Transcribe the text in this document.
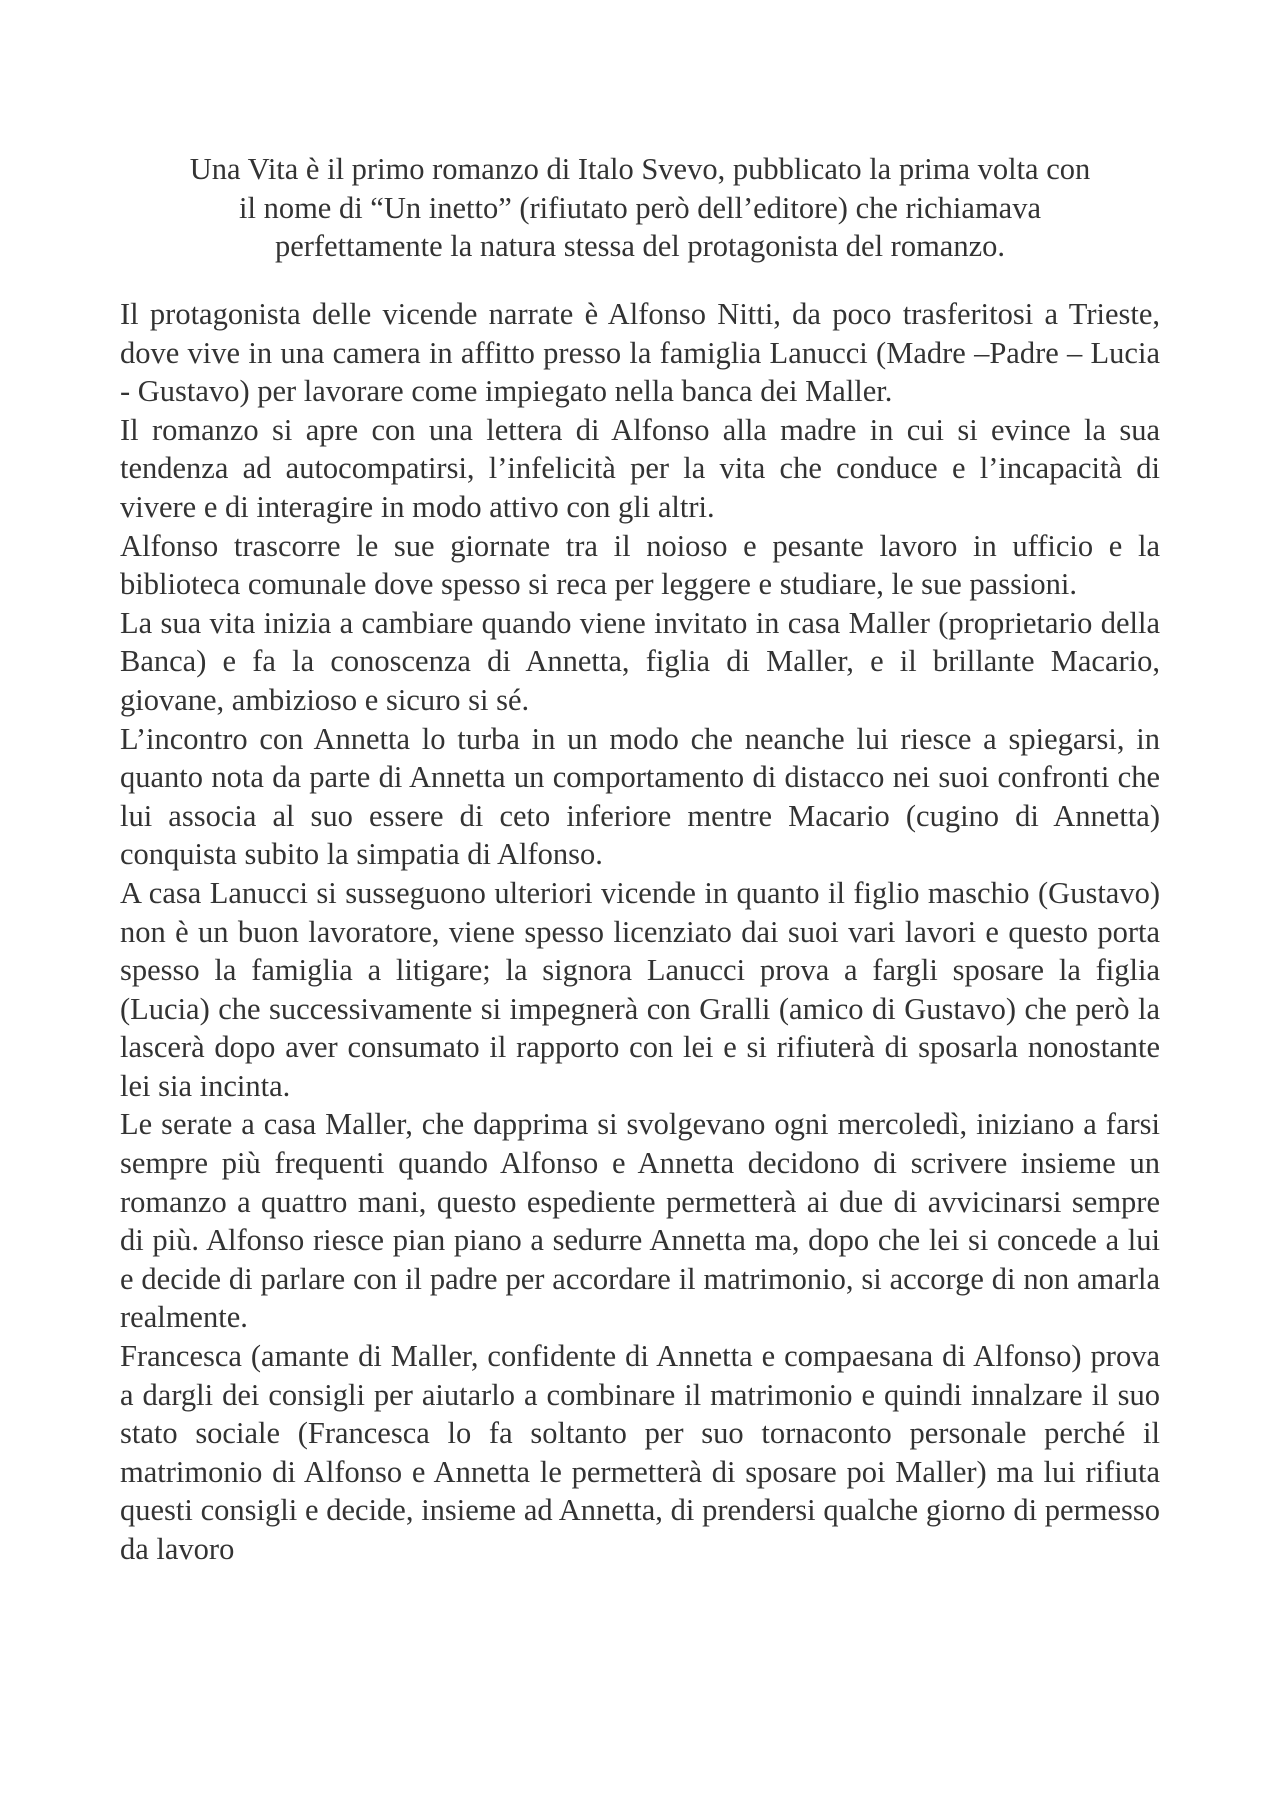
Una Vita è il primo romanzo di Italo Svevo, pubblicato la prima volta con
il nome di “Un inetto” (rifiutato però dell’editore) che richiamava
perfettamente la natura stessa del protagonista del romanzo.

Il protagonista delle vicende narrate è Alfonso Nitti, da poco trasferitosi a Trieste, dove vive in una camera in affitto presso la famiglia Lanucci (Madre –Padre – Lucia - Gustavo) per lavorare come impiegato nella banca dei Maller.

Il romanzo si apre con una lettera di Alfonso alla madre in cui si evince la sua tendenza ad autocompatirsi, l’infelicità per la vita che conduce e l’incapacità di vivere e di interagire in modo attivo con gli altri.

Alfonso trascorre le sue giornate tra il noioso e pesante lavoro in ufficio e la biblioteca comunale dove spesso si reca per leggere e studiare, le sue passioni.

La sua vita inizia a cambiare quando viene invitato in casa Maller (proprietario della Banca) e fa la conoscenza di Annetta, figlia di Maller, e il brillante Macario, giovane, ambizioso e sicuro si sé.

L’incontro con Annetta lo turba in un modo che neanche lui riesce a spiegarsi, in quanto nota da parte di Annetta un comportamento di distacco nei suoi confronti che lui associa al suo essere di ceto inferiore mentre Macario (cugino di Annetta) conquista subito la simpatia di Alfonso.

A casa Lanucci si susseguono ulteriori vicende in quanto il figlio maschio (Gustavo) non è un buon lavoratore, viene spesso licenziato dai suoi vari lavori e questo porta spesso la famiglia a litigare; la signora Lanucci prova a fargli sposare la figlia (Lucia) che successivamente si impegnerà con Gralli (amico di Gustavo) che però la lascerà dopo aver consumato il rapporto con lei e si rifiuterà di sposarla nonostante lei sia incinta.

Le serate a casa Maller, che dapprima si svolgevano ogni mercoledì, iniziano a farsi sempre più frequenti quando Alfonso e Annetta decidono di scrivere insieme un romanzo a quattro mani, questo espediente permetterà ai due di avvicinarsi sempre di più. Alfonso riesce pian piano a sedurre Annetta ma, dopo che lei si concede a lui e decide di parlare con il padre per accordare il matrimonio, si accorge di non amarla realmente.

Francesca (amante di Maller, confidente di Annetta e compaesana di Alfonso) prova a dargli dei consigli per aiutarlo a combinare il matrimonio e quindi innalzare il suo stato sociale (Francesca lo fa soltanto per suo tornaconto personale perché il matrimonio di Alfonso e Annetta le permetterà di sposare poi Maller) ma lui rifiuta questi consigli e decide, insieme ad Annetta, di prendersi qualche giorno di permesso da lavoro
